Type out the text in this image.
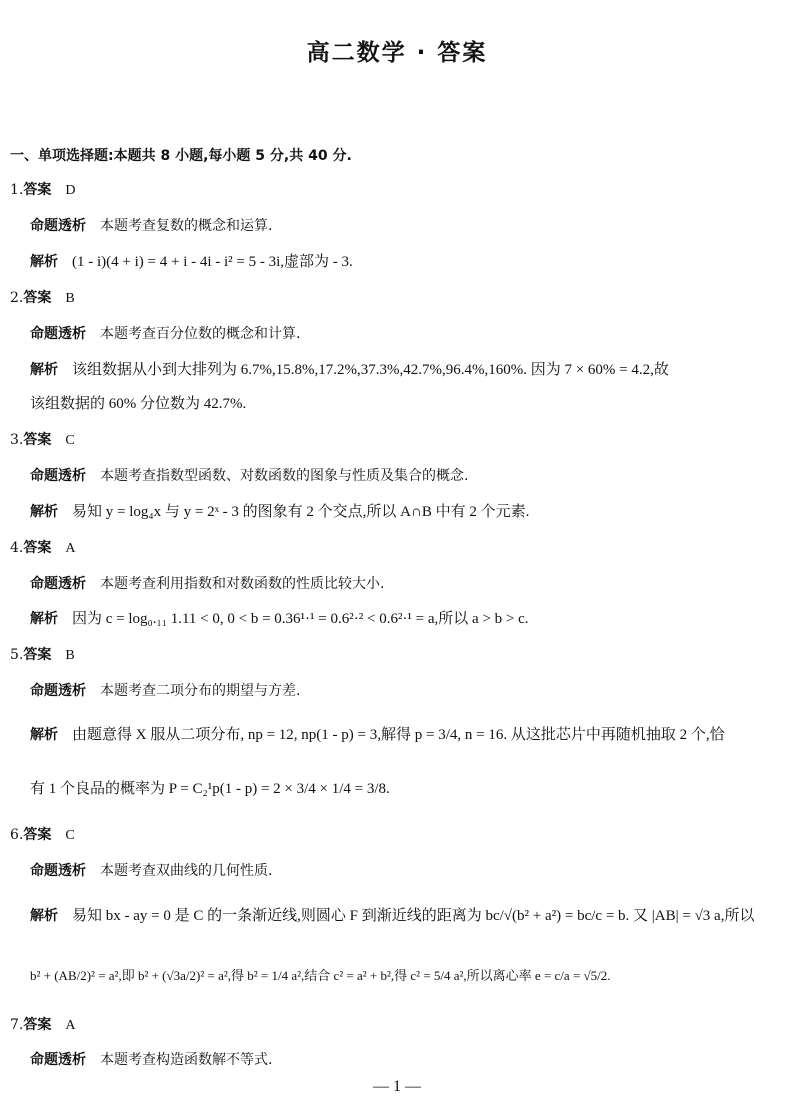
高二数学 · 答案
一、单项选择题:本题共 8 小题,每小题 5 分,共 40 分.
1.答案 D
命题透析 本题考查复数的概念和运算.
解析 (1 - i)(4 + i) = 4 + i - 4i - i² = 5 - 3i,虚部为 - 3.
2.答案 B
命题透析 本题考查百分位数的概念和计算.
解析 该组数据从小到大排列为 6.7%,15.8%,17.2%,37.3%,42.7%,96.4%,160%. 因为 7 × 60% = 4.2,故
该组数据的 60% 分位数为 42.7%.
3.答案 C
命题透析 本题考查指数型函数、对数函数的图象与性质及集合的概念.
解析 易知 y = log₄x 与 y = 2ˣ - 3 的图象有 2 个交点,所以 A∩B 中有 2 个元素.
4.答案 A
命题透析 本题考查利用指数和对数函数的性质比较大小.
解析 因为 c = log₀.₁₁ 1.11 < 0, 0 < b = 0.36¹·¹ = 0.6²·² < 0.6²·¹ = a,所以 a > b > c.
5.答案 B
命题透析 本题考查二项分布的期望与方差.
解析 由题意得 X 服从二项分布, np = 12, np(1 - p) = 3,解得 p = 3/4, n = 16. 从这批芯片中再随机抽取 2 个,恰
有 1 个良品的概率为 P = C₂¹p(1 - p) = 2 × 3/4 × 1/4 = 3/8.
6.答案 C
命题透析 本题考查双曲线的几何性质.
解析 易知 bx - ay = 0 是 C 的一条渐近线,则圆心 F 到渐近线的距离为 bc/√(b² + a²) = bc/c = b. 又 |AB| = √3 a,所以
b² + (AB/2)² = a²,即 b² + (√3a/2)² = a²,得 b² = 1/4 a²,结合 c² = a² + b²,得 c² = 5/4 a²,所以离心率 e = c/a = √5/2.
7.答案 A
命题透析 本题考查构造函数解不等式.
— 1 —
